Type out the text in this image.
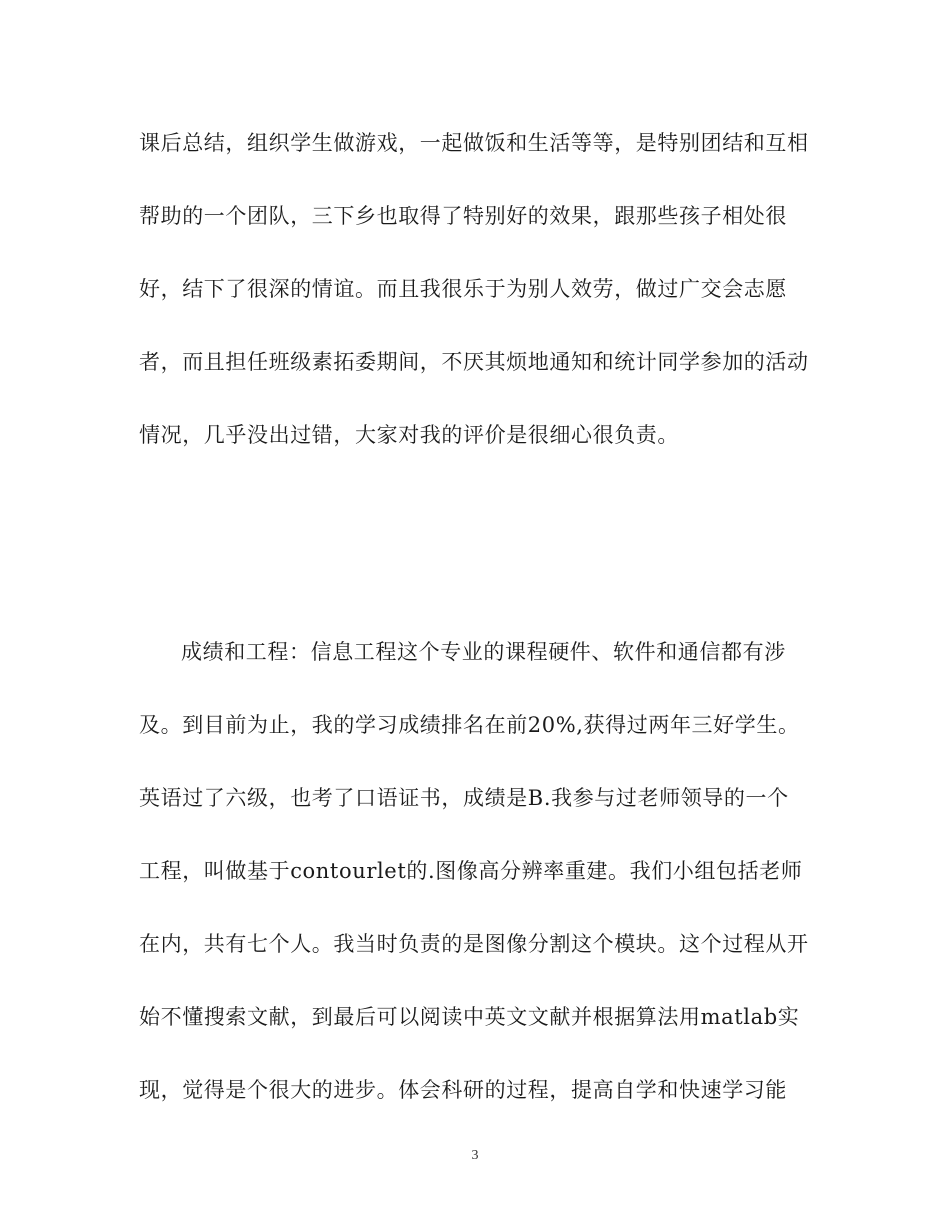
课后总结，组织学生做游戏，一起做饭和生活等等，是特别团结和互相

帮助的一个团队，三下乡也取得了特别好的效果，跟那些孩子相处很

好，结下了很深的情谊。而且我很乐于为别人效劳，做过广交会志愿

者，而且担任班级素拓委期间，不厌其烦地通知和统计同学参加的活动

情况，几乎没出过错，大家对我的评价是很细心很负责。

成绩和工程：信息工程这个专业的课程硬件、软件和通信都有涉

及。到目前为止，我的学习成绩排名在前20%,获得过两年三好学生。

英语过了六级，也考了口语证书，成绩是B.我参与过老师领导的一个

工程，叫做基于contourlet的.图像高分辨率重建。我们小组包括老师

在内，共有七个人。我当时负责的是图像分割这个模块。这个过程从开

始不懂搜索文献，到最后可以阅读中英文文献并根据算法用matlab实

现，觉得是个很大的进步。体会科研的过程，提高自学和快速学习能

3
